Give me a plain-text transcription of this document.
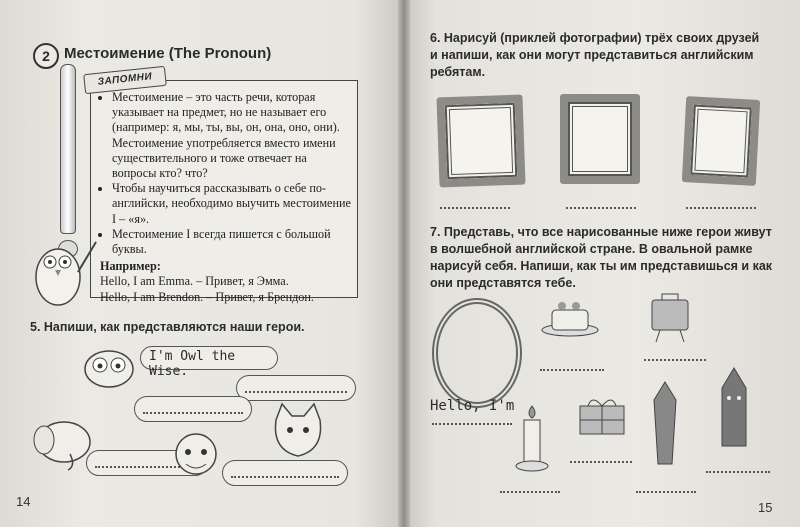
2 Местоимение (The Pronoun)
ЗАПОМНИ
• Местоимение – это часть речи, которая указывает на предмет, но не называет его (например: я, мы, ты, вы, он, она, оно, они). Местоимение употребляется вместо имени существительного и тоже отвечает на вопросы кто? что?
• Чтобы научиться рассказывать о себе по-английски, необходимо выучить местоимение I – «я».
• Местоимение I всегда пишется с большой буквы.
Например:
Hello, I am Emma. – Привет, я Эмма.
Hello, I am Brendon. – Привет, я Брендон.
5. Напиши, как представляются наши герои.
I'm Owl the Wise.
14
6. Нарисуй (приклей фотографии) трёх своих друзей и напиши, как они могут представиться английским ребятам.
7. Представь, что все нарисованные ниже герои живут в волшебной английской стране. В овальной рамке нарисуй себя. Напиши, как ты им представишься и как они представятся тебе.
Hello, I'm
15
